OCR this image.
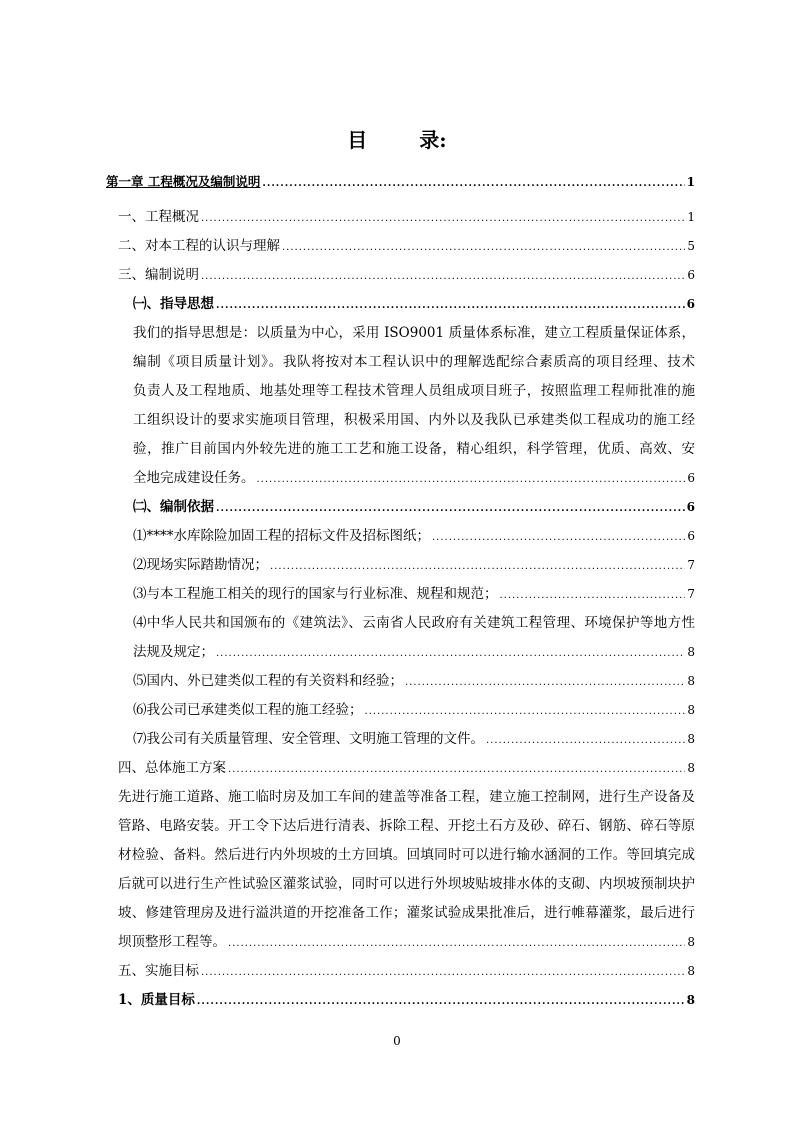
目	录:
第一章 工程概况及编制说明 .....	1
一、工程概况 .....	1
二、对本工程的认识与理解 .....	5
三、编制说明 .....	6
㈠、指导思想 .....	6
我们的指导思想是：以质量为中心，采用 ISO9001 质量体系标准，建立工程质量保证体系，
编制《项目质量计划》。我队将按对本工程认识中的理解选配综合素质高的项目经理、技术
负责人及工程地质、地基处理等工程技术管理人员组成项目班子，按照监理工程师批准的施
工组织设计的要求实施项目管理，积极采用国、内外以及我队已承建类似工程成功的施工经
验，推广目前国内外较先进的施工工艺和施工设备，精心组织，科学管理，优质、高效、安
全地完成建设任务。 .....	6
㈡、编制依据 .....	6
⑴****水库除险加固工程的招标文件及招标图纸； .....	6
⑵现场实际踏勘情况； .....	7
⑶与本工程施工相关的现行的国家与行业标准、规程和规范； .....	7
⑷中华人民共和国颁布的《建筑法》、云南省人民政府有关建筑工程管理、环境保护等地方性
法规及规定； .....	8
⑸国内、外已建类似工程的有关资料和经验； .....	8
⑹我公司已承建类似工程的施工经验； .....	8
⑺我公司有关质量管理、安全管理、文明施工管理的文件。 .....	8
四、总体施工方案 .....	8
先进行施工道路、施工临时房及加工车间的建盖等准备工程，建立施工控制网，进行生产设备及
管路、电路安装。开工令下达后进行清表、拆除工程、开挖土石方及砂、碎石、钢筋、碎石等原
材检验、备料。然后进行内外坝坡的土方回填。回填同时可以进行输水涵洞的工作。等回填完成
后就可以进行生产性试验区灌浆试验，同时可以进行外坝坡贴坡排水体的支砌、内坝坡预制块护
坡、修建管理房及进行溢洪道的开挖准备工作；灌浆试验成果批准后，进行帷幕灌浆，最后进行
坝顶整形工程等。 .....	8
五、实施目标 .....	8
1、质量目标 .....	8
0
